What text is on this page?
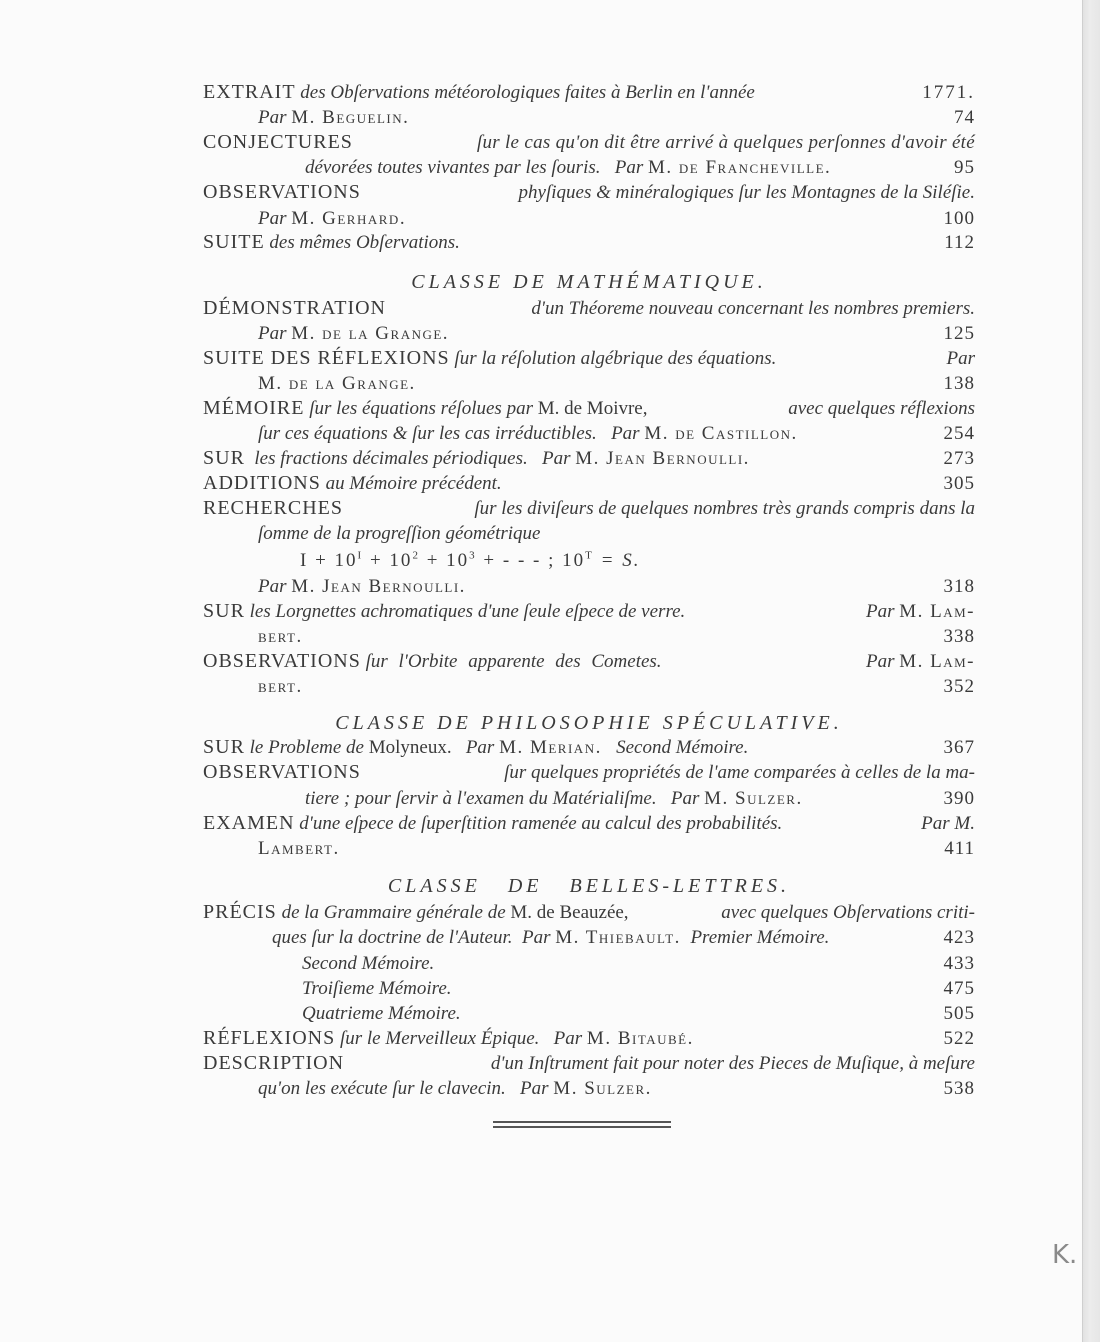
EXTRAIT des Obſervations météorologiques faites à Berlin en l'année	1771.
Par M. Beguelin.	74
CONJECTURES	ſur le cas qu'on dit être arrivé à quelques perſonnes d'avoir été
dévorées toutes vivantes par les ſouris. Par M. de Francheville.	95
OBSERVATIONS	phyſiques & minéralogiques ſur les Montagnes de la Siléſie.
Par M. Gerhard.	100
SUITE des mêmes Obſervations.	112
CLASSE DE MATHÉMATIQUE.
DÉMONSTRATION	d'un Théoreme nouveau concernant les nombres premiers.
Par M. de la Grange.	125
SUITE DES RÉFLEXIONS ſur la réſolution algébrique des équations.	Par
M. de la Grange.	138
MÉMOIRE ſur les équations réſolues par M. de Moivre,	avec quelques réflexions
ſur ces équations & ſur les cas irréductibles. Par M. de Castillon.	254
SUR les fractions décimales périodiques. Par M. Jean Bernoulli.	273
ADDITIONS au Mémoire précédent.	305
RECHERCHES	ſur les diviſeurs de quelques nombres très grands compris dans la
ſomme de la progreſſion géométrique
$I + 10^I + 10^2 + 10^3$ + - - - ; $10^T = S$.
Par M. Jean Bernoulli.	318
SUR les Lorgnettes achromatiques d'une ſeule eſpece de verre.	Par M. Lam-
bert.	338
OBSERVATIONS ſur l'Orbite apparente des Cometes.	Par M. Lam-
bert.	352
CLASSE DE PHILOSOPHIE SPÉCULATIVE.
SUR le Probleme de Molyneux. Par M. Merian. Second Mémoire.	367
OBSERVATIONS	ſur quelques propriétés de l'ame comparées à celles de la ma-
tiere ; pour ſervir à l'examen du Matérialiſme. Par M. Sulzer.	390
EXAMEN d'une eſpece de ſuperſtition ramenée au calcul des probabilités.	Par M.
Lambert.	411
CLASSE DE BELLES-LETTRES.
PRÉCIS de la Grammaire générale de M. de Beauzée,	avec quelques Obſervations criti-
ques ſur la doctrine de l'Auteur. Par M. Thiebault. Premier Mémoire.	423
Second Mémoire.	433
Troiſieme Mémoire.	475
Quatrieme Mémoire.	505
RÉFLEXIONS ſur le Merveilleux Épique. Par M. Bitaubé.	522
DESCRIPTION	d'un Inſtrument fait pour noter des Pieces de Muſique, à meſure
qu'on les exécute ſur le clavecin. Par M. Sulzer.	538
K.
